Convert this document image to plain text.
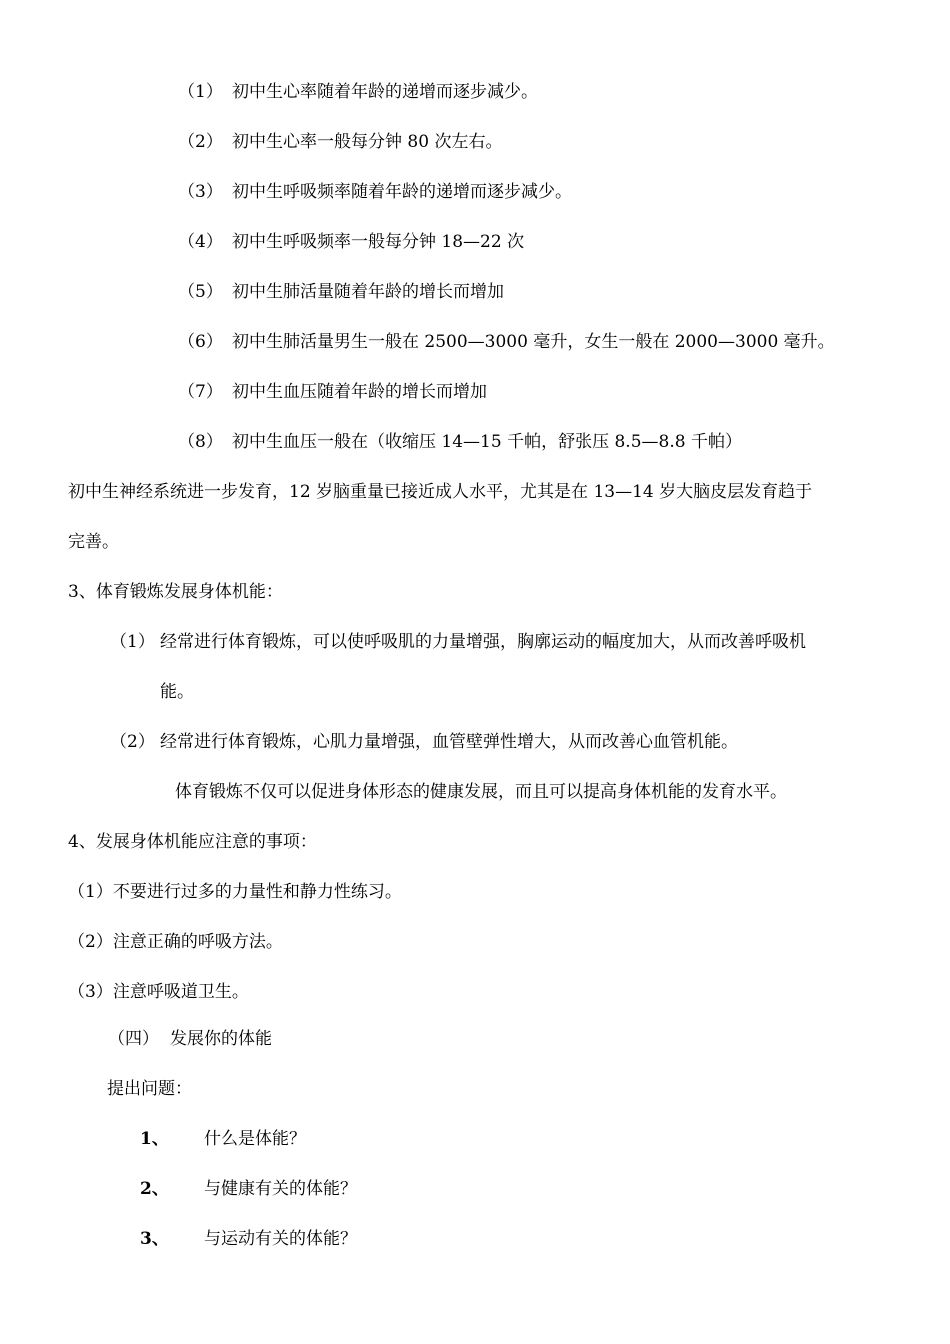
（1） 初中生心率随着年龄的递增而逐步减少。
（2） 初中生心率一般每分钟 80 次左右。
（3） 初中生呼吸频率随着年龄的递增而逐步减少。
（4） 初中生呼吸频率一般每分钟 18—22 次
（5） 初中生肺活量随着年龄的增长而增加
（6） 初中生肺活量男生一般在 2500—3000 毫升，女生一般在 2000—3000 毫升。
（7） 初中生血压随着年龄的增长而增加
（8） 初中生血压一般在（收缩压 14—15 千帕，舒张压 8.5—8.8 千帕）
初中生神经系统进一步发育，12 岁脑重量已接近成人水平，尤其是在 13—14 岁大脑皮层发育趋于
完善。
3、体育锻炼发展身体机能：
（1） 经常进行体育锻炼，可以使呼吸肌的力量增强，胸廓运动的幅度加大，从而改善呼吸机
能。
（2） 经常进行体育锻炼，心肌力量增强，血管壁弹性增大，从而改善心血管机能。
体育锻炼不仅可以促进身体形态的健康发展，而且可以提高身体机能的发育水平。
4、发展身体机能应注意的事项：
（1）不要进行过多的力量性和静力性练习。
（2）注意正确的呼吸方法。
（3）注意呼吸道卫生。
（四） 发展你的体能
提出问题：
1、 什么是体能？
2、 与健康有关的体能？
3、 与运动有关的体能？
